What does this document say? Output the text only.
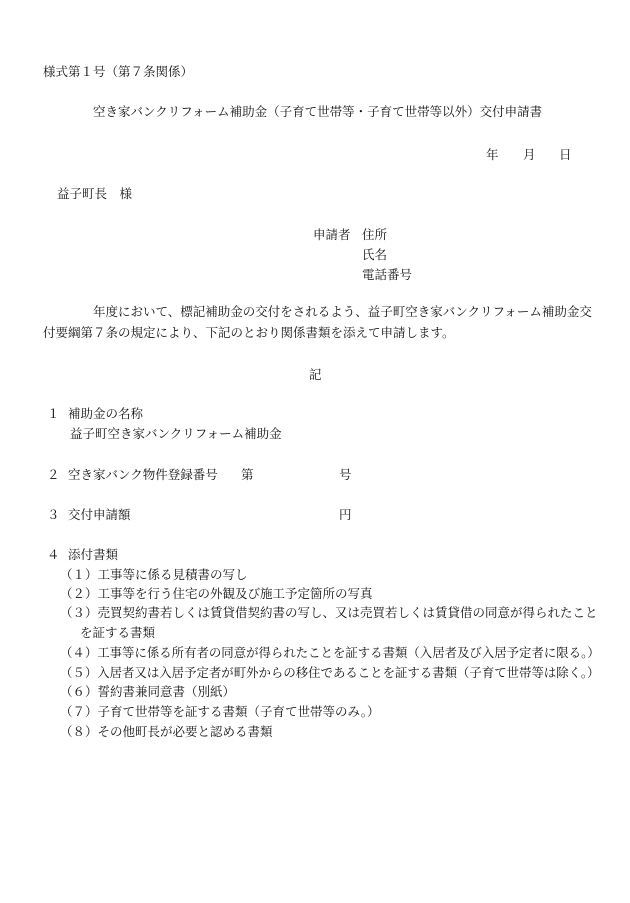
様式第１号（第７条関係）
空き家バンクリフォーム補助金（子育て世帯等・子育て世帯等以外）交付申請書
年 月 日
益子町長　様
申請者 住所
氏名
電話番号
年度において、標記補助金の交付をされるよう、益子町空き家バンクリフォーム補助金交
付要綱第７条の規定により、下記のとおり関係書類を添えて申請します。
記
１ 補助金の名称
益子町空き家バンクリフォーム補助金
２ 空き家バンク物件登録番号 第	号
３ 交付申請額	円
４ 添付書類
（１）工事等に係る見積書の写し
（２）工事等を行う住宅の外観及び施工予定箇所の写真
（３）売買契約書若しくは賃貸借契約書の写し、又は売買若しくは賃貸借の同意が得られたこと
を証する書類
（４）工事等に係る所有者の同意が得られたことを証する書類（入居者及び入居予定者に限る。）
（５）入居者又は入居予定者が町外からの移住であることを証する書類（子育て世帯等は除く。）
（６）誓約書兼同意書（別紙）
（７）子育て世帯等を証する書類（子育て世帯等のみ。）
（８）その他町長が必要と認める書類
